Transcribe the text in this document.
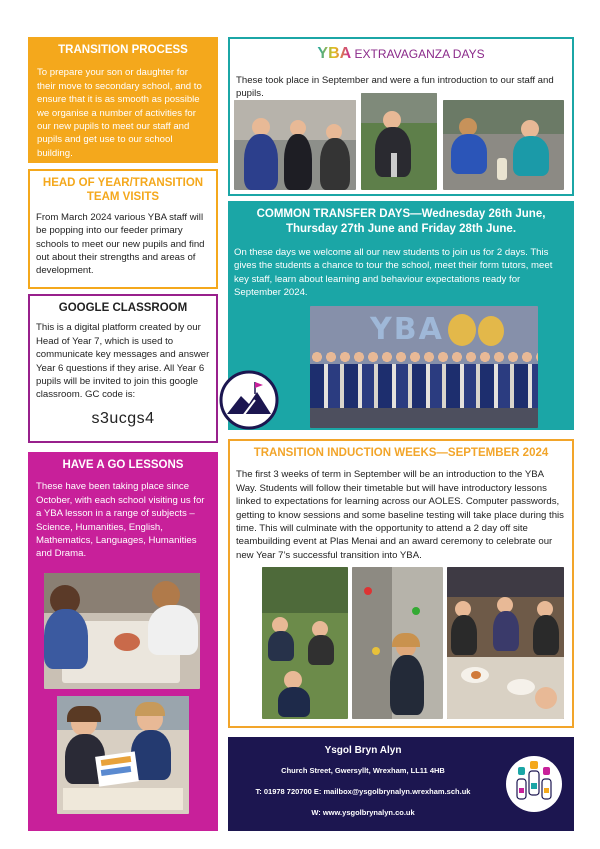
TRANSITION PROCESS

To prepare your son or daughter for their move to secondary school, and to ensure that it is as smooth as possible we organise a number of activities for our new pupils to meet our staff and pupils and get use to our school building.

HEAD OF YEAR/TRANSITION TEAM VISITS

From March 2024 various YBA staff will be popping into our feeder primary schools to meet our new pupils and find out about their strengths and areas of development.

GOOGLE CLASSROOM

This is a digital platform created by our Head of Year 7, which is used to communicate key messages and answer Year 6 questions if they arise. All Year 6 pupils will be invited to join this google classroom. GC code is:

s3ucgs4
HAVE A GO LESSONS

These have been taking place since October, with each school visiting us for a YBA lesson in a range of subjects – Science, Humanities, English, Mathematics, Languages, Humanities and Drama.

YBA EXTRAVAGANZA DAYS

These took place in September and were a fun introduction to our staff and pupils.

COMMON TRANSFER DAYS—Wednesday 26th June, Thursday 27th June and Friday 28th June.

On these days we welcome all our new students to join us for 2 days. This gives the students a chance to tour the school, meet their form tutors, meet key staff, learn about learning and behaviour expectations ready for September 2024.

YBA
TRANSITION INDUCTION WEEKS—SEPTEMBER 2024

The first 3 weeks of term in September will be an introduction to the YBA Way. Students will follow their timetable but will have introductory lessons linked to expectations for learning across our AOLES. Computer passwords, getting to know sessions and some baseline testing will take place during this time. This will culminate with the opportunity to attend a 2 day off site teambuilding event at Plas Menai and an award ceremony to celebrate our new Year 7’s successful transition into YBA.

Ysgol Bryn Alyn
Church Street, Gwersyllt, Wrexham, LL11 4HB
T: 01978 720700 E: mailbox@ysgolbrynalyn.wrexham.sch.uk
W: www.ysgolbrynalyn.co.uk
